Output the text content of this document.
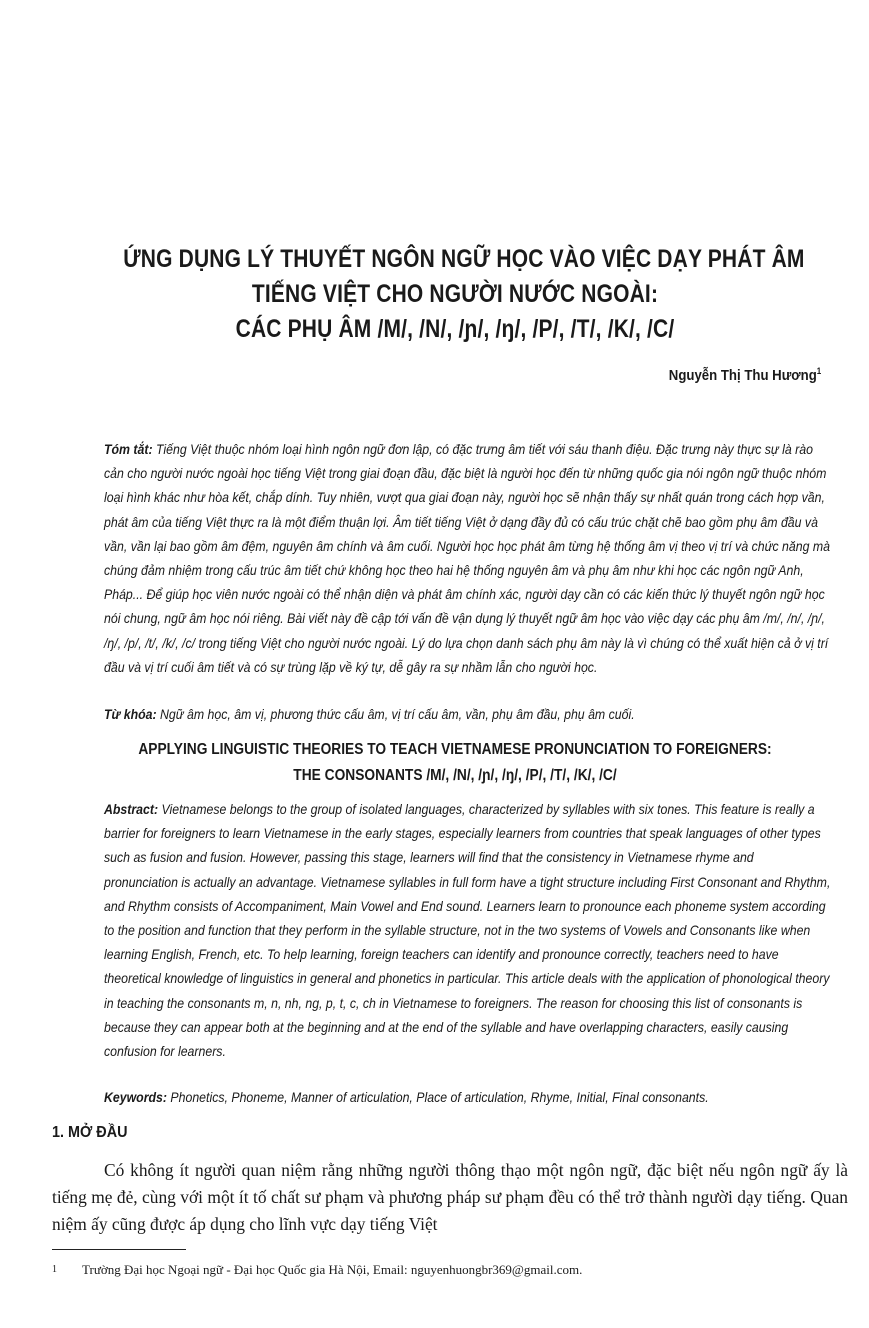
ỨNG DỤNG LÝ THUYẾT NGÔN NGỮ HỌC VÀO VIỆC DẠY PHÁT ÂM
TIẾNG VIỆT CHO NGƯỜI NƯỚC NGOÀI:
CÁC PHỤ ÂM /M/, /N/, /ɲ/, /ŋ/, /P/, /T/, /K/, /C/
Nguyễn Thị Thu Hương$^1$

Tóm tắt: Tiếng Việt thuộc nhóm loại hình ngôn ngữ đơn lập, có đặc trưng âm tiết với sáu thanh điệu. Đặc trưng này thực sự là rào cản cho người nước ngoài học tiếng Việt trong giai đoạn đầu, đặc biệt là người học đến từ những quốc gia nói ngôn ngữ thuộc nhóm loại hình khác như hòa kết, chắp dính. Tuy nhiên, vượt qua giai đoạn này, người học sẽ nhận thấy sự nhất quán trong cách hợp vần, phát âm của tiếng Việt thực ra là một điểm thuận lợi. Âm tiết tiếng Việt ở dạng đầy đủ có cấu trúc chặt chẽ bao gồm phụ âm đầu và vần, vần lại bao gồm âm đệm, nguyên âm chính và âm cuối. Người học học phát âm từng hệ thống âm vị theo vị trí và chức năng mà chúng đảm nhiệm trong cấu trúc âm tiết chứ không học theo hai hệ thống nguyên âm và phụ âm như khi học các ngôn ngữ Anh, Pháp... Để giúp học viên nước ngoài có thể nhận diện và phát âm chính xác, người dạy cần có các kiến thức lý thuyết ngôn ngữ học nói chung, ngữ âm học nói riêng. Bài viết này đề cập tới vấn đề vận dụng lý thuyết ngữ âm học vào việc dạy các phụ âm /m/, /n/, /ɲ/, /ŋ/, /p/, /t/, /k/, /c/ trong tiếng Việt cho người nước ngoài. Lý do lựa chọn danh sách phụ âm này là vì chúng có thể xuất hiện cả ở vị trí đầu và vị trí cuối âm tiết và có sự trùng lặp về ký tự, dễ gây ra sự nhầm lẫn cho người học.

Từ khóa: Ngữ âm học, âm vị, phương thức cấu âm, vị trí cấu âm, vần, phụ âm đầu, phụ âm cuối.

APPLYING LINGUISTIC THEORIES TO TEACH VIETNAMESE PRONUNCIATION TO FOREIGNERS:
THE CONSONANTS /M/, /N/, /ɲ/, /ŋ/, /P/, /T/, /K/, /C/

Abstract: Vietnamese belongs to the group of isolated languages, characterized by syllables with six tones. This feature is really a barrier for foreigners to learn Vietnamese in the early stages, especially learners from countries that speak languages of other types such as fusion and fusion. However, passing this stage, learners will find that the consistency in Vietnamese rhyme and pronunciation is actually an advantage. Vietnamese syllables in full form have a tight structure including First Consonant and Rhythm, and Rhythm consists of Accompaniment, Main Vowel and End sound. Learners learn to pronounce each phoneme system according to the position and function that they perform in the syllable structure, not in the two systems of Vowels and Consonants like when learning English, French, etc. To help learning, foreign teachers can identify and pronounce correctly, teachers need to have theoretical knowledge of linguistics in general and phonetics in particular. This article deals with the application of phonological theory in teaching the consonants m, n, nh, ng, p, t, c, ch in Vietnamese to foreigners. The reason for choosing this list of consonants is because they can appear both at the beginning and at the end of the syllable and have overlapping characters, easily causing confusion for learners.

Keywords: Phonetics, Phoneme, Manner of articulation, Place of articulation, Rhyme, Initial, Final consonants.

1. MỞ ĐẦU

Có không ít người quan niệm rằng những người thông thạo một ngôn ngữ, đặc biệt nếu ngôn ngữ ấy là tiếng mẹ đẻ, cùng với một ít tố chất sư phạm và phương pháp sư phạm đều có thể trở thành người dạy tiếng. Quan niệm ấy cũng được áp dụng cho lĩnh vực dạy tiếng Việt

1 Trường Đại học Ngoại ngữ - Đại học Quốc gia Hà Nội, Email: nguyenhuongbr369@gmail.com.
